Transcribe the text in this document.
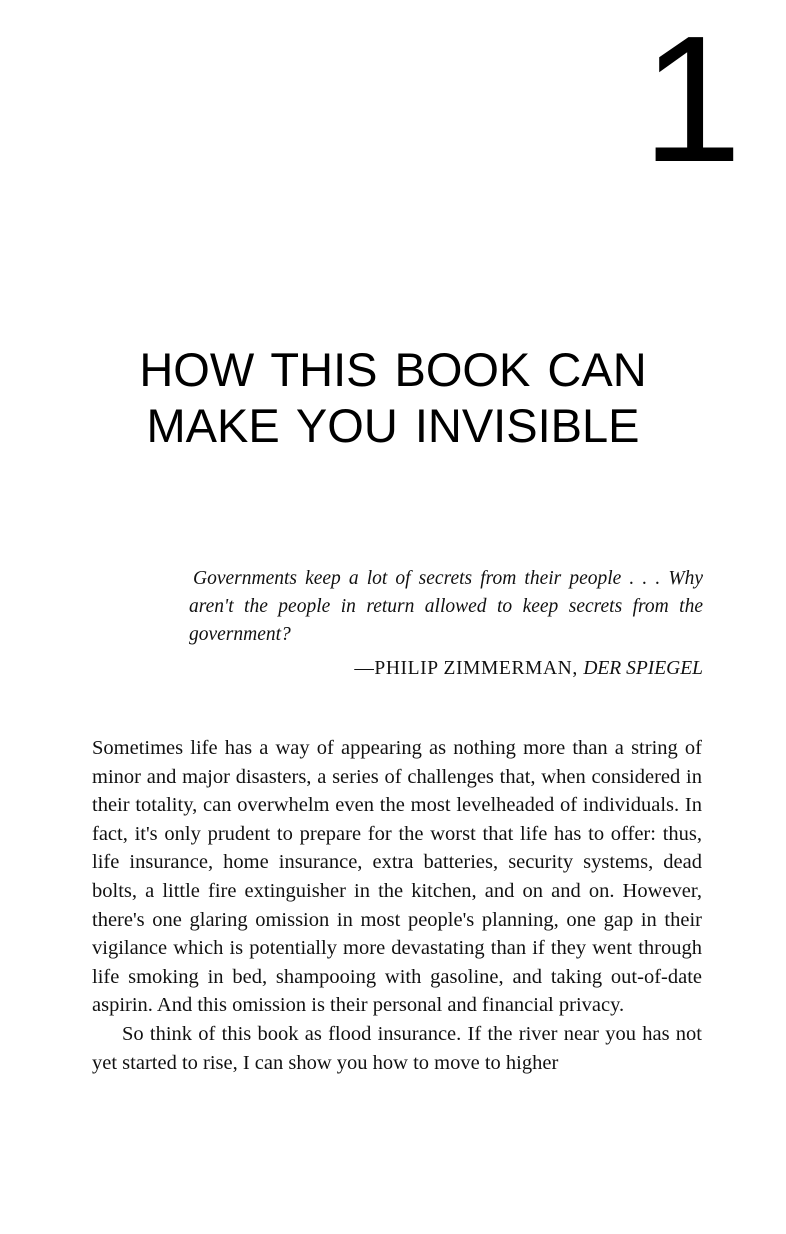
1
HOW THIS BOOK CAN
MAKE YOU INVISIBLE

Governments keep a lot of secrets from their people . . . Why aren't the people in return allowed to keep secrets from the government?

—PHILIP ZIMMERMAN, DER SPIEGEL

Sometimes life has a way of appearing as nothing more than a string of minor and major disasters, a series of challenges that, when considered in their totality, can overwhelm even the most levelheaded of individuals. In fact, it's only prudent to prepare for the worst that life has to offer: thus, life insurance, home insurance, extra batteries, security systems, dead bolts, a little fire extinguisher in the kitchen, and on and on. However, there's one glaring omission in most people's planning, one gap in their vigilance which is potentially more devastating than if they went through life smoking in bed, shampooing with gasoline, and taking out-of-date aspirin. And this omission is their personal and financial privacy.

So think of this book as flood insurance. If the river near you has not yet started to rise, I can show you how to move to higher
